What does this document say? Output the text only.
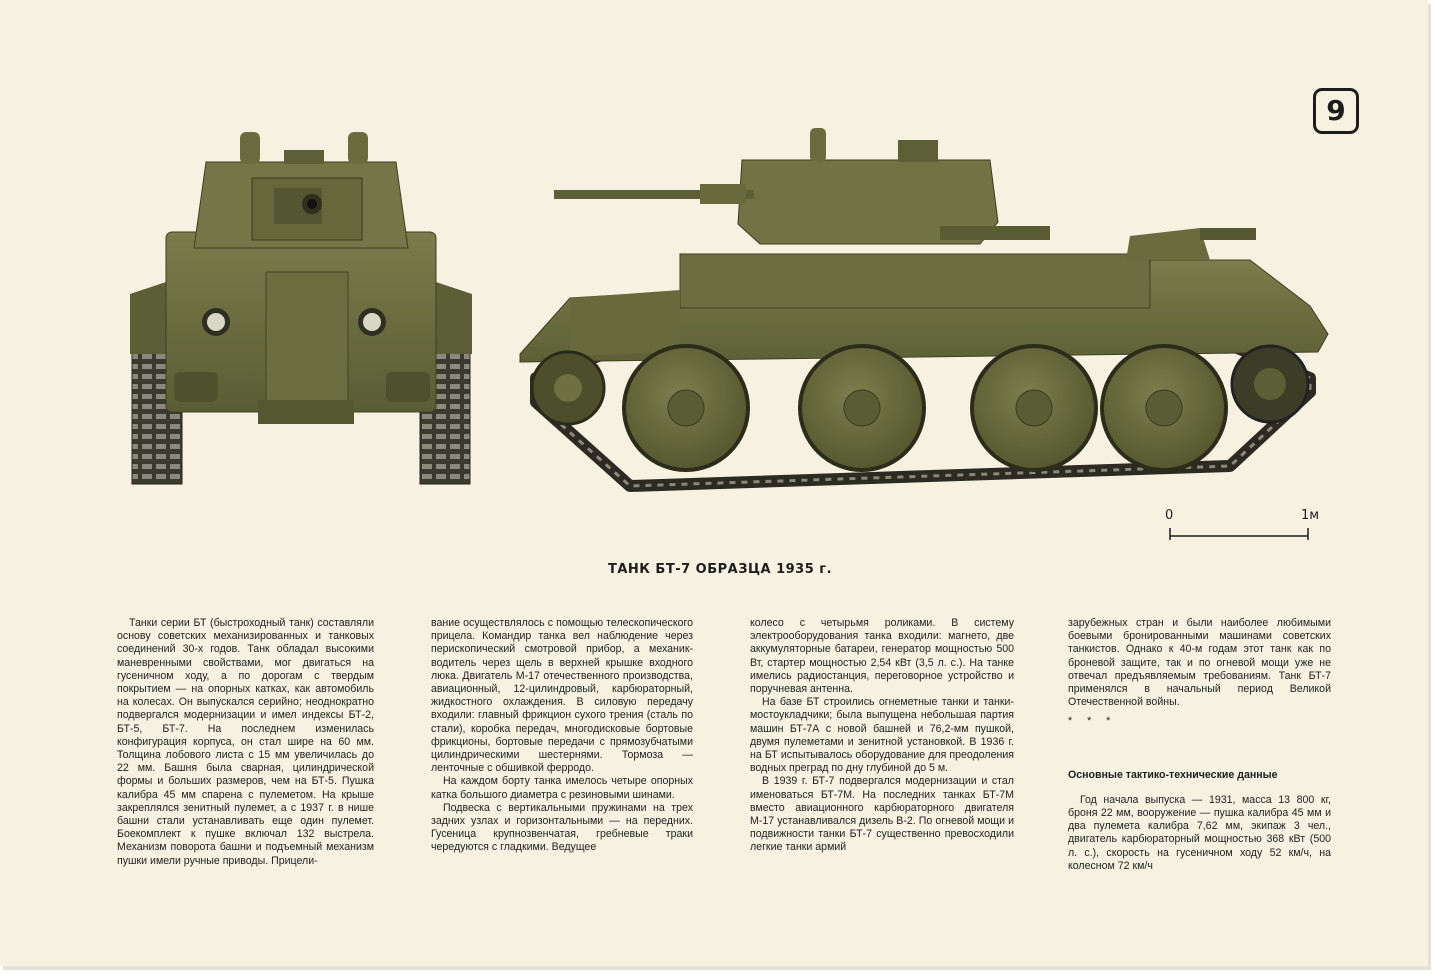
9
0	1м
ТАНК БТ-7 ОБРАЗЦА 1935 г.

Танки серии БТ (быстроходный танк) составляли основу советских механизированных и танковых соединений 30-х годов. Танк обладал высокими маневренными свойствами, мог двигаться на гусеничном ходу, а по дорогам с твердым покрытием — на опорных катках, как автомобиль на колесах. Он выпускался серийно; неоднократно подвергался модернизации и имел индексы БТ-2, БТ-5, БТ-7. На последнем изменилась конфигурация корпуса, он стал шире на 60 мм. Толщина лобового листа с 15 мм увеличилась до 22 мм. Башня была сварная, цилиндрической формы и больших размеров, чем на БТ-5. Пушка калибра 45 мм спарена с пулеметом. На крыше закреплялся зенитный пулемет, а с 1937 г. в нише башни стали устанавливать еще один пулемет. Боекомплект к пушке включал 132 выстрела. Механизм поворота башни и подъемный механизм пушки имели ручные приводы. Прицели-

вание осуществлялось с помощью телескопического прицела. Командир танка вел наблюдение через перископический смотровой прибор, а механик-водитель через щель в верхней крышке входного люка. Двигатель М-17 отечественного производства, авиационный, 12-цилиндровый, карбюраторный, жидкостного охлаждения. В силовую передачу входили: главный фрикцион сухого трения (сталь по стали), коробка передач, многодисковые бортовые фрикционы, бортовые передачи с прямозубчатыми цилиндрическими шестернями. Тормоза — ленточные с обшивкой ферродо.

На каждом борту танка имелось четыре опорных катка большого диаметра с резиновыми шинами.

Подвеска с вертикальными пружинами на трех задних узлах и горизонтальными — на передних. Гусеница крупнозвенчатая, гребневые траки чередуются с гладкими. Ведущее

колесо с четырьмя роликами. В систему электрооборудования танка входили: магнето, две аккумуляторные батареи, генератор мощностью 500 Вт, стартер мощностью 2,54 кВт (3,5 л. с.). На танке имелись радиостанция, переговорное устройство и поручневая антенна.

На базе БТ строились огнеметные танки и танки-мостоукладчики; была выпущена небольшая партия машин БТ-7А с новой башней и 76,2-мм пушкой, двумя пулеметами и зенитной установкой. В 1936 г. на БТ испытывалось оборудование для преодоления водных преград по дну глубиной до 5 м.

В 1939 г. БТ-7 подвергался модернизации и стал именоваться БТ-7М. На последних танках БТ-7М вместо авиационного карбюраторного двигателя М-17 устанавливался дизель В-2. По огневой мощи и подвижности танки БТ-7 существенно превосходили легкие танки армий

зарубежных стран и были наиболее любимыми боевыми бронированными машинами советских танкистов. Однако к 40-м годам этот танк как по броневой защите, так и по огневой мощи уже не отвечал предъявляемым требованиям. Танк БТ-7 применялся в начальный период Великой Отечественной войны.

* * *

Основные тактико-технические данные

Год начала выпуска — 1931, масса 13 800 кг, броня 22 мм, вооружение — пушка калибра 45 мм и два пулемета калибра 7,62 мм, экипаж 3 чел., двигатель карбюраторный мощностью 368 кВт (500 л. с.), скорость на гусеничном ходу 52 км/ч, на колесном 72 км/ч
